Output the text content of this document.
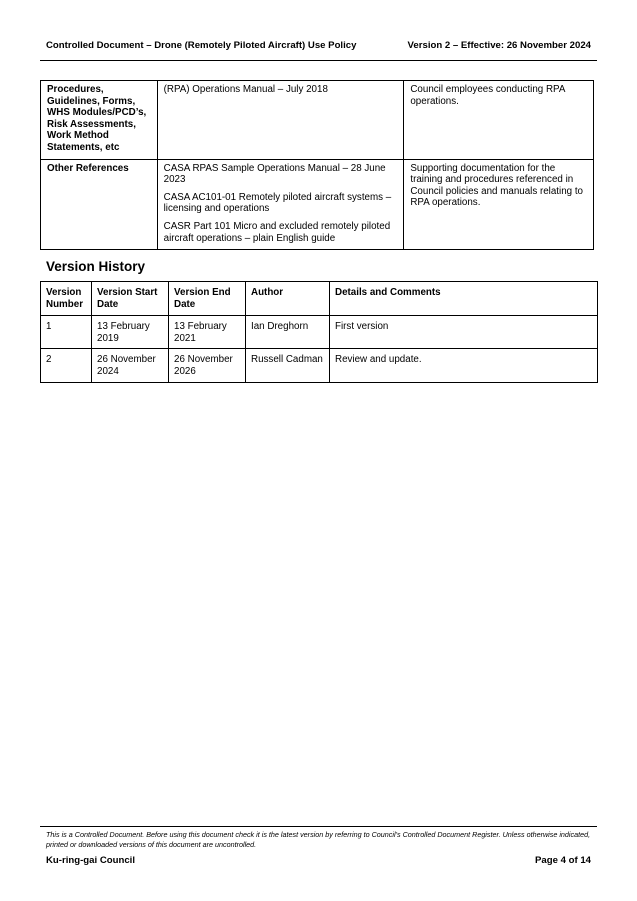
Controlled Document – Drone (Remotely Piloted Aircraft) Use Policy	Version 2 – Effective: 26 November 2024
Procedures, Guidelines, Forms, WHS Modules/PCD’s, Risk Assessments, Work Method Statements, etc	(RPA) Operations Manual – July 2018	Council employees conducting RPA operations.
Other References	CASA RPAS Sample Operations Manual – 28 June 2023

CASA AC101-01 Remotely piloted aircraft systems – licensing and operations

CASR Part 101 Micro and excluded remotely piloted aircraft operations – plain English guide	Supporting documentation for the training and procedures referenced in Council policies and manuals relating to RPA operations.
Version History
Version Number	Version Start Date	Version End Date	Author	Details and Comments
1	13 February 2019	13 February 2021	Ian Dreghorn	First version
2	26 November 2024	26 November 2026	Russell Cadman	Review and update.
This is a Controlled Document. Before using this document check it is the latest version by referring to Council’s Controlled Document Register. Unless otherwise indicated, printed or downloaded versions of this document are uncontrolled.
Ku-ring-gai Council	Page 4 of 14
